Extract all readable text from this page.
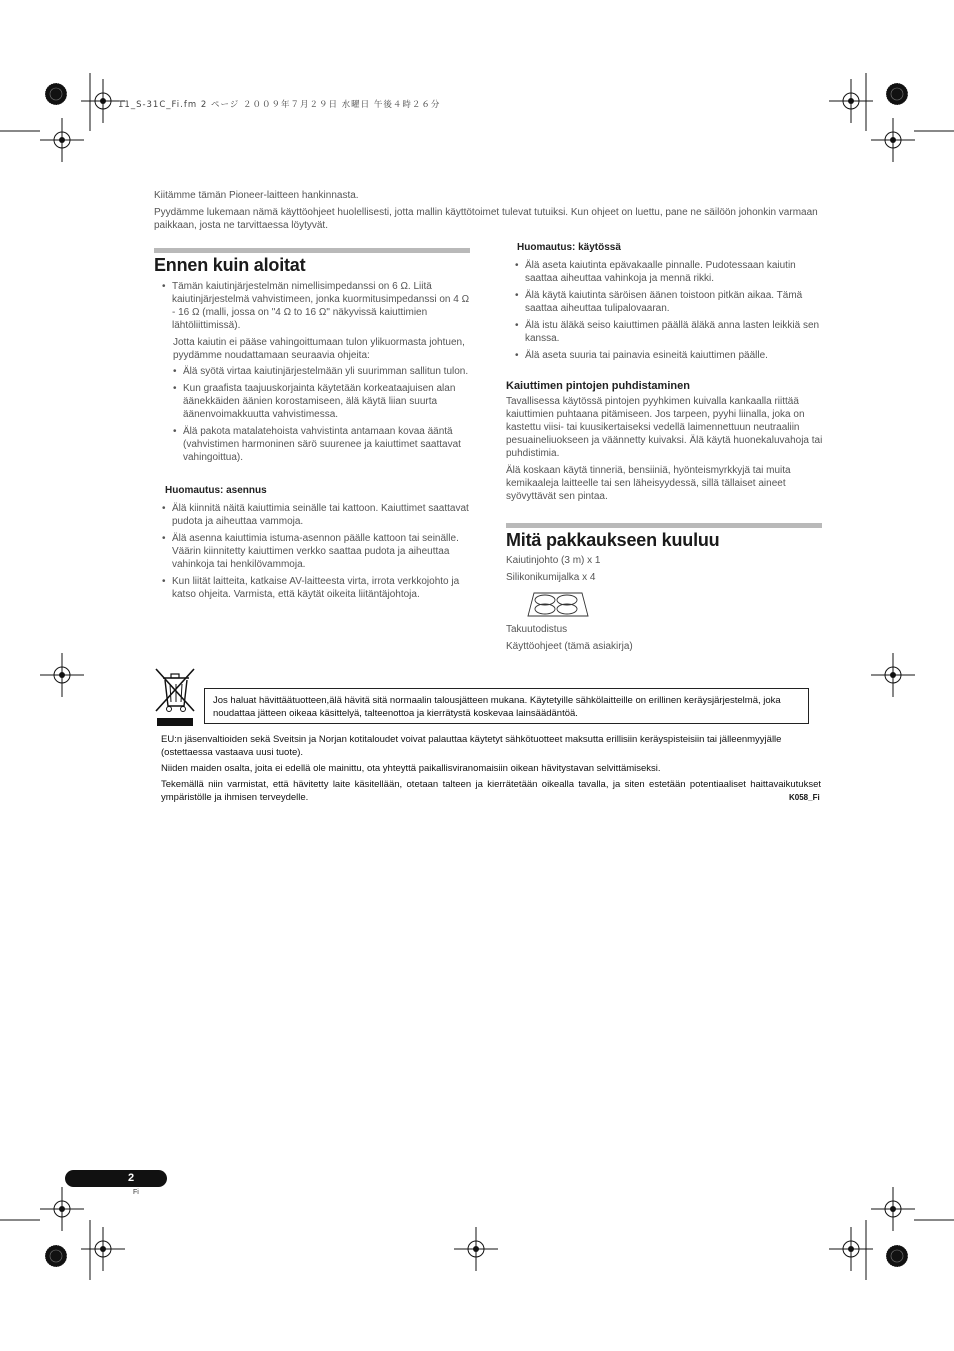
11_S-31C_Fi.fm 2 ページ ２００９年７月２９日 水曜日 午後４時２６分
Kiitämme tämän Pioneer-laitteen hankinnasta.
Pyydämme lukemaan nämä käyttöohjeet huolellisesti, jotta mallin käyttötoimet tulevat tutuiksi. Kun ohjeet on luettu, pane ne säilöön johonkin varmaan paikkaan, josta ne tarvittaessa löytyvät.
Ennen kuin aloitat
• Tämän kaiutinjärjestelmän nimellisimpedanssi on 6 Ω. Liitä kaiutinjärjestelmä vahvistimeen, jonka kuormitusimpedanssi on 4 Ω - 16 Ω (malli, jossa on "4 Ω to 16 Ω" näkyvissä kaiuttimien lähtöliittimissä).
Jotta kaiutin ei pääse vahingoittumaan tulon ylikuormasta johtuen, pyydämme noudattamaan seuraavia ohjeita:
• Älä syötä virtaa kaiutinjärjestelmään yli suurimman sallitun tulon.
• Kun graafista taajuuskorjainta käytetään korkeataajuisen alan äänekkäiden äänien korostamiseen, älä käytä liian suurta äänenvoimakkuutta vahvistimessa.
• Älä pakota matalatehoista vahvistinta antamaan kovaa ääntä (vahvistimen harmoninen särö suurenee ja kaiuttimet saattavat vahingoittua).
Huomautus: asennus
• Älä kiinnitä näitä kaiuttimia seinälle tai kattoon. Kaiuttimet saattavat pudota ja aiheuttaa vammoja.
• Älä asenna kaiuttimia istuma-asennon päälle kattoon tai seinälle. Väärin kiinnitetty kaiuttimen verkko saattaa pudota ja aiheuttaa vahinkoja tai henkilövammoja.
• Kun liität laitteita, katkaise AV-laitteesta virta, irrota verkkojohto ja katso ohjeita. Varmista, että käytät oikeita liitäntäjohtoja.
Huomautus: käytössä
• Älä aseta kaiutinta epävakaalle pinnalle. Pudotessaan kaiutin saattaa aiheuttaa vahinkoja ja mennä rikki.
• Älä käytä kaiutinta säröisen äänen toistoon pitkän aikaa. Tämä saattaa aiheuttaa tulipalovaaran.
• Älä istu äläkä seiso kaiuttimen päällä äläkä anna lasten leikkiä sen kanssa.
• Älä aseta suuria tai painavia esineitä kaiuttimen päälle.
Kaiuttimen pintojen puhdistaminen
Tavallisessa käytössä pintojen pyyhkimen kuivalla kankaalla riittää kaiuttimien puhtaana pitämiseen. Jos tarpeen, pyyhi liinalla, joka on kastettu viisi- tai kuusikertaiseksi vedellä laimennettuun neutraaliin pesuaineliuokseen ja väännetty kuivaksi. Älä käytä huonekaluvahoja tai puhdistimia.
Älä koskaan käytä tinneriä, bensiiniä, hyönteismyrkkyjä tai muita kemikaaleja laitteelle tai sen läheisyydessä, sillä tällaiset aineet syövyttävät sen pintaa.
Mitä pakkaukseen kuuluu
Kaiutinjohto (3 m) x 1
Silikonikumijalka x 4
Takuutodistus
Käyttöohjeet (tämä asiakirja)
Jos haluat hävittäätuotteen,älä hävitä sitä normaalin talousjätteen mukana. Käytetyille sähkölaitteille on erillinen keräysjärjestelmä, joka noudattaa jätteen oikeaa käsittelyä, talteenottoa ja kierrätystä koskevaa lainsäädäntöä.
EU:n jäsenvaltioiden sekä Sveitsin ja Norjan kotitaloudet voivat palauttaa käytetyt sähkötuotteet maksutta erillisiin keräyspisteisiin tai jälleenmyyjälle (ostettaessa vastaava uusi tuote).
Niiden maiden osalta, joita ei edellä ole mainittu, ota yhteyttä paikallisviranomaisiin oikean hävitystavan selvittämiseksi.
Tekemällä niin varmistat, että hävitetty laite käsitellään, otetaan talteen ja kierrätetään oikealla tavalla, ja siten estetään potentiaaliset haittavaikutukset ympäristölle ja ihmisen terveydelle.	K058_Fi
2
Fi
